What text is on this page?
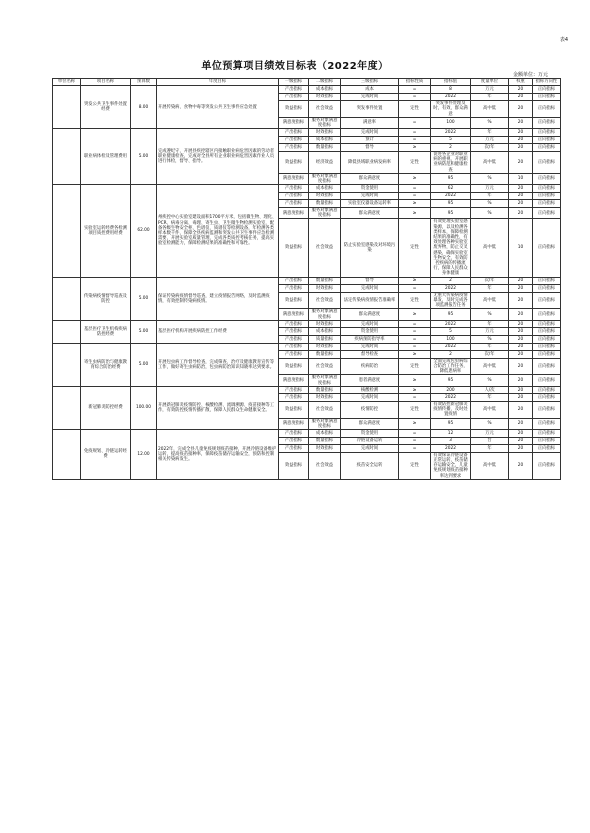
表4
单位预算项目绩效目标表（2022年度）
金额单位：万元
单位名称	项目名称	预算数	年度目标	一级指标	二级指标	三级指标	指标性质	指标值	度量单位	权重	指标方向性
	突发公共卫生事件处置经费	8.00	开展传染病、食物中毒等突发公共卫生事件应急处置	产出指标	成本指标	成本	=	8	万元	20	正向指标
				产出指标	时效指标	完成时间	=	2022	年	20	正向指标
				效益指标	社会效益	突发事件处置	定性	突发事件处理及时，有效，群众满意	高中低	20	正向指标
				满意度指标	服务对象满意度指标	满意率	=	100	%	20	正向指标
	职业病体检及管理费用	5.00	完成遵纪守，开展县疾控辖区内接触职业病危害因素的劳动者职业健康检查，完成对全县所有企业职业病危害因素作业人员进行体检，督导、指导。	产出指标	时效指标	完成时间	=	2022	年	20	正向指标
				产出指标	成本指标	预计	=	5	万元	20	正向指标
				产出指标	数量指标	督导	≥	2	次/年	20	正向指标
				效益指标	经济效益	降低县域职业病发病率	定性	促进各企业对职业病的重视，开展职业病防范和健康检查	高中低	20	正向指标
				满意度指标	服务对象满意度指标	群众满意度	≥	95	%	10	正向指标
	实验室运转经费各检测项目质控费用经费	62.00	州疾控中心实验室建设面积1700平方米，包括微生物、理化、PCR、病毒分离、毒理、寄生虫、卫生微生物检测实验室，配备各级生物安全柜、色谱仪、质谱仪等检测设备，年检测各类样本数千件，保障全县疾病监测和突发公共卫生事件应急检测需要，开展实验室质量管理，完成各类质控考核任务，提高实验室检测能力，保障检测结果的准确性和可靠性。	产出指标	成本指标	资金使用	=	62	万元	20	正向指标
				产出指标	时效指标	完成时间	=	2022	年	20	正向指标
				产出指标	数量指标	实验室仪器设备运转率	≥	95	%	20	正向指标
				满意度指标	服务对象满意度指标	群众满意度	≥	95	%	20	正向指标
				效益指标	社会效益	防止实验室感染及对环境污染	定性	有效处理实验室感染源，以及检测各类样本，保障检测结果的准确性，有效处理各种实验室废弃物，防止交叉感染，确保实验室生物安全，有效防控疾病的传播流行，保障人民群众身体健康	高中低	10	正向指标
	传染病疫情督导巡查及防控	5.00	保证传染病疫情督导巡查，建立疫情报告网络，及时监测疫情，有效控制传染病疫情。	产出指标	数量指标	督导	≥	2	次/年	20	正向指标
				产出指标	时效指标	完成时间	=	2022	年	20	正向指标
				效益指标	社会效益	法定传染病疫情报告准确率	定性	无重大传染病疫情暴发，及时完成各项监测报告任务	高中低	20	正向指标
				满意度指标	服务对象满意度指标	群众满意度	≥	95	%	20	正向指标
	基层医疗卫生机构疾病防控经费	5.00	基层医疗机构开展疾病防控工作经费	产出指标	时效指标	完成时间	=	2022	年	20	正向指标
				产出指标	成本指标	资金使用	=	5	万元	20	正向指标
				产出指标	质量指标	疾病预防指导率	=	100	%	20	正向指标
	寄生虫病防治与健康教育综合防治经费	5.00	开展包虫病工作督导检查，完成筛查、治疗及健康教育宣传等工作，做好寄生虫病防治，包虫病防治知识知晓率达到要求。	产出指标	时效指标	完成时间	=	2022	年	20	正向指标
				产出指标	数量指标	督导检查	≥	2	次/年	20	正向指标
				效益指标	社会效益	疾病防治	定性	全面完成包虫病综合防治工作任务，降低患病率	高中低	20	正向指标
				满意度指标	服务对象满意度指标	患者满意度	≥	95	%	20	正向指标
	新冠肺炎防控经费	100.00	开展新冠肺炎疫情防控、核酸检测、流调溯源、疫苗接种等工作，有效防控疫情传播扩散，保障人民群众生命健康安全。	产出指标	数量指标	核酸检测	≥	200	人/次	20	正向指标
				产出指标	时效指标	完成时间	=	2022	年	20	正向指标
				效益指标	社会效益	疫情防控	定性	有效防控新冠肺炎疫情传播，及时处置疫情	高中低	20	正向指标
				满意度指标	服务对象满意度指标	群众满意度	≥	95	%	20	正向指标
	免疫规划、冷链运转经费	12.00	2022年，完成全县儿童免疫规划疫苗接种，开展冷链设备维护运转，提高疫苗接种率，保障疫苗储存运输安全，预防和控制相关传染病发生。	产出指标	成本指标	资金使用	=	12	万元	20	正向指标
				产出指标	数量指标	冷链设备运转	=	3	台	20	正向指标
				产出指标	时效指标	完成时间	=	2022	年	20	正向指标
				效益指标	社会效益	疫苗安全运转	定性	有效保证冷链设备正常运转，疫苗储存运输安全，儿童免疫规划疫苗接种率达到要求	高中低	20	正向指标
